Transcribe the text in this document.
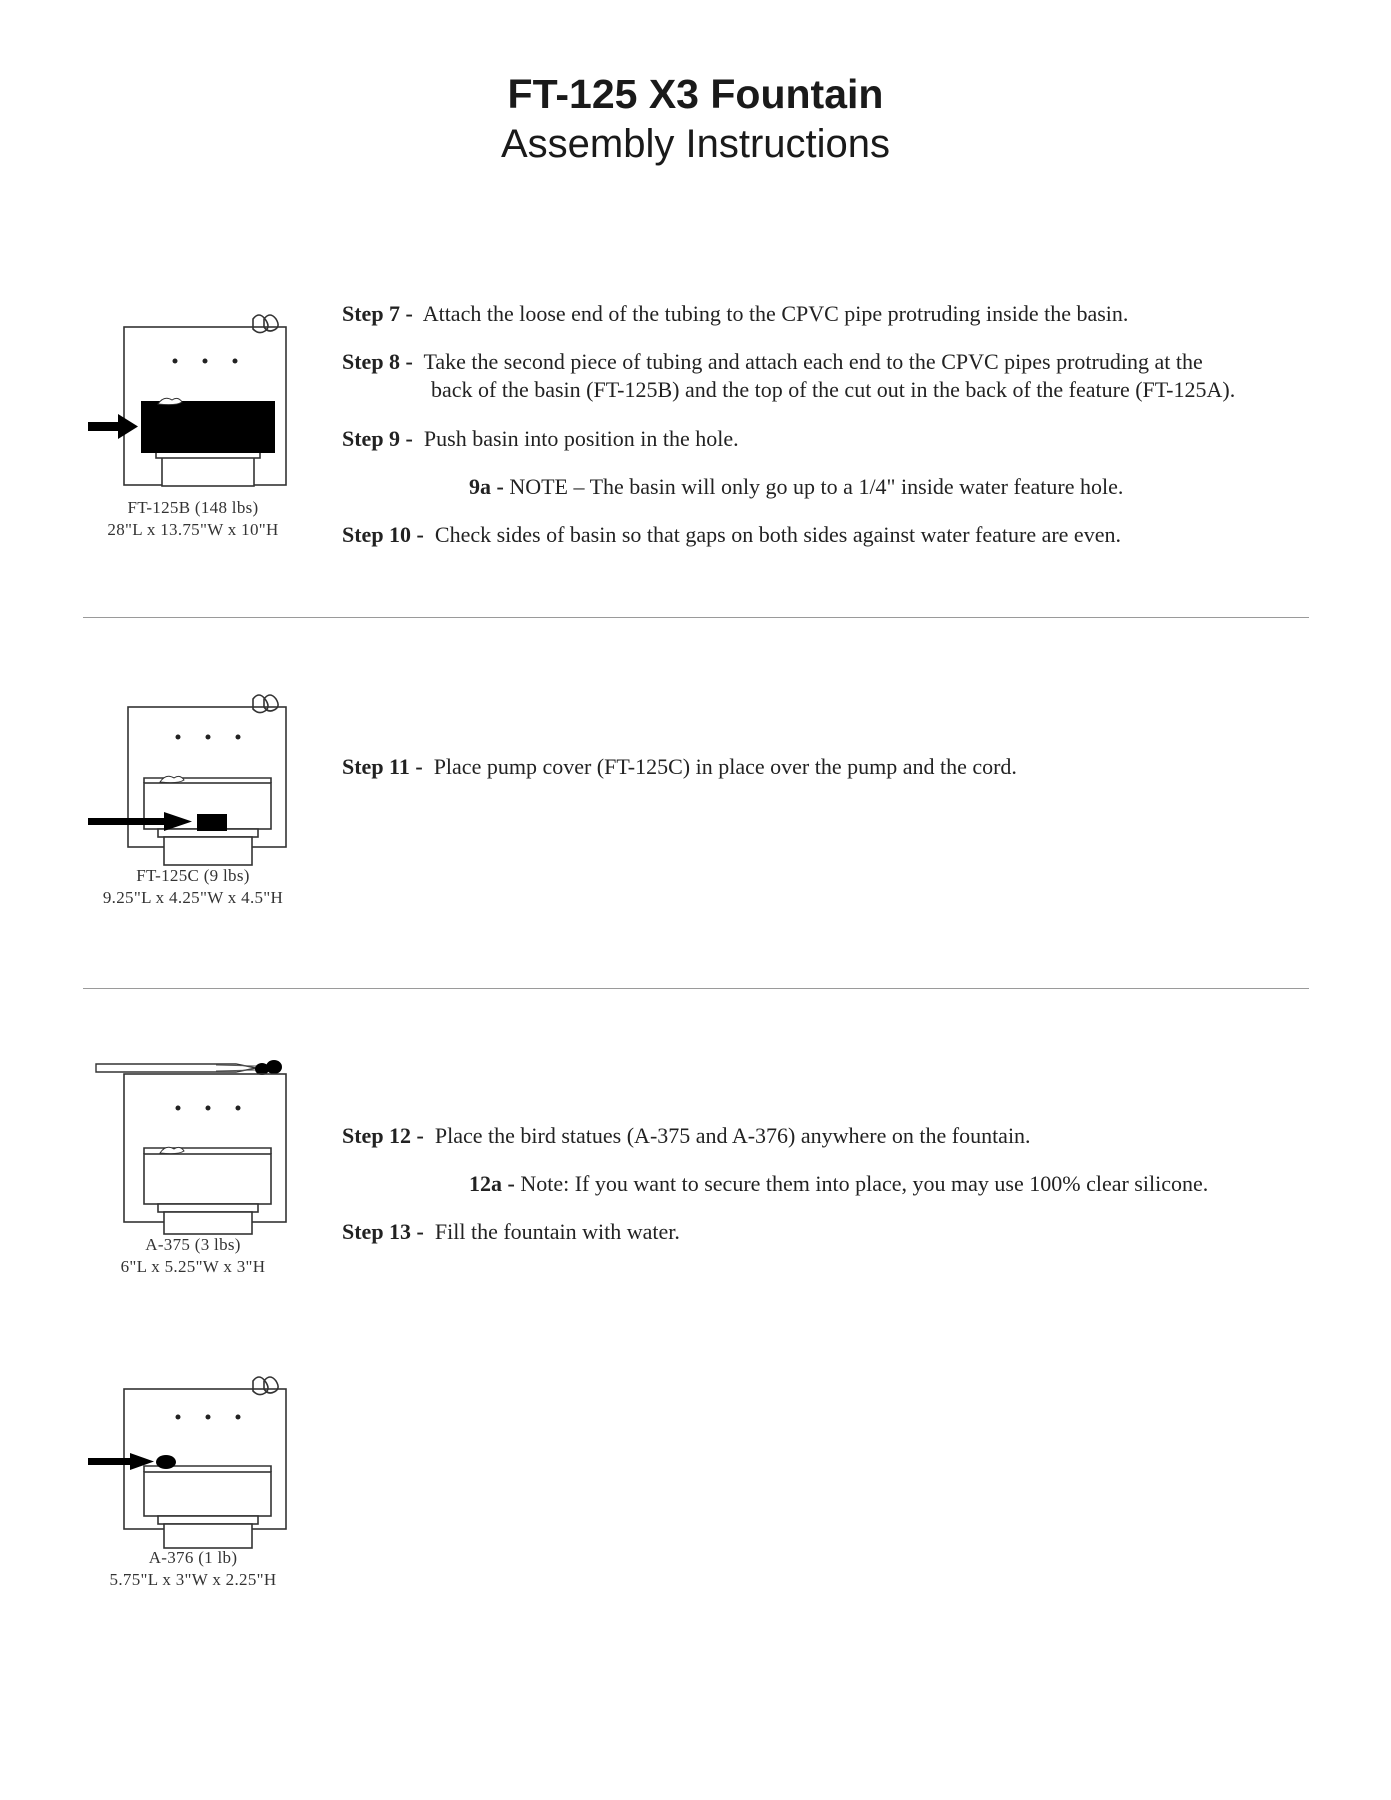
FT-125 X3 Fountain
Assembly Instructions
FT-125B (148 lbs)
28"L x 13.75"W x 10"H
Step 7 - Attach the loose end of the tubing to the CPVC pipe protruding inside the basin.
Step 8 - Take the second piece of tubing and attach each end to the CPVC pipes protruding at the
back of the basin (FT-125B) and the top of the cut out in the back of the feature (FT-125A).
Step 9 - Push basin into position in the hole.
9a - NOTE – The basin will only go up to a 1/4" inside water feature hole.
Step 10 - Check sides of basin so that gaps on both sides against water feature are even.
FT-125C (9 lbs)
9.25"L x 4.25"W x 4.5"H
Step 11 - Place pump cover (FT-125C) in place over the pump and the cord.
A-375 (3 lbs)
6"L x 5.25"W x 3"H
Step 12 - Place the bird statues (A-375 and A-376) anywhere on the fountain.
12a - Note: If you want to secure them into place, you may use 100% clear silicone.
Step 13 - Fill the fountain with water.
A-376 (1 lb)
5.75"L x 3"W x 2.25"H
